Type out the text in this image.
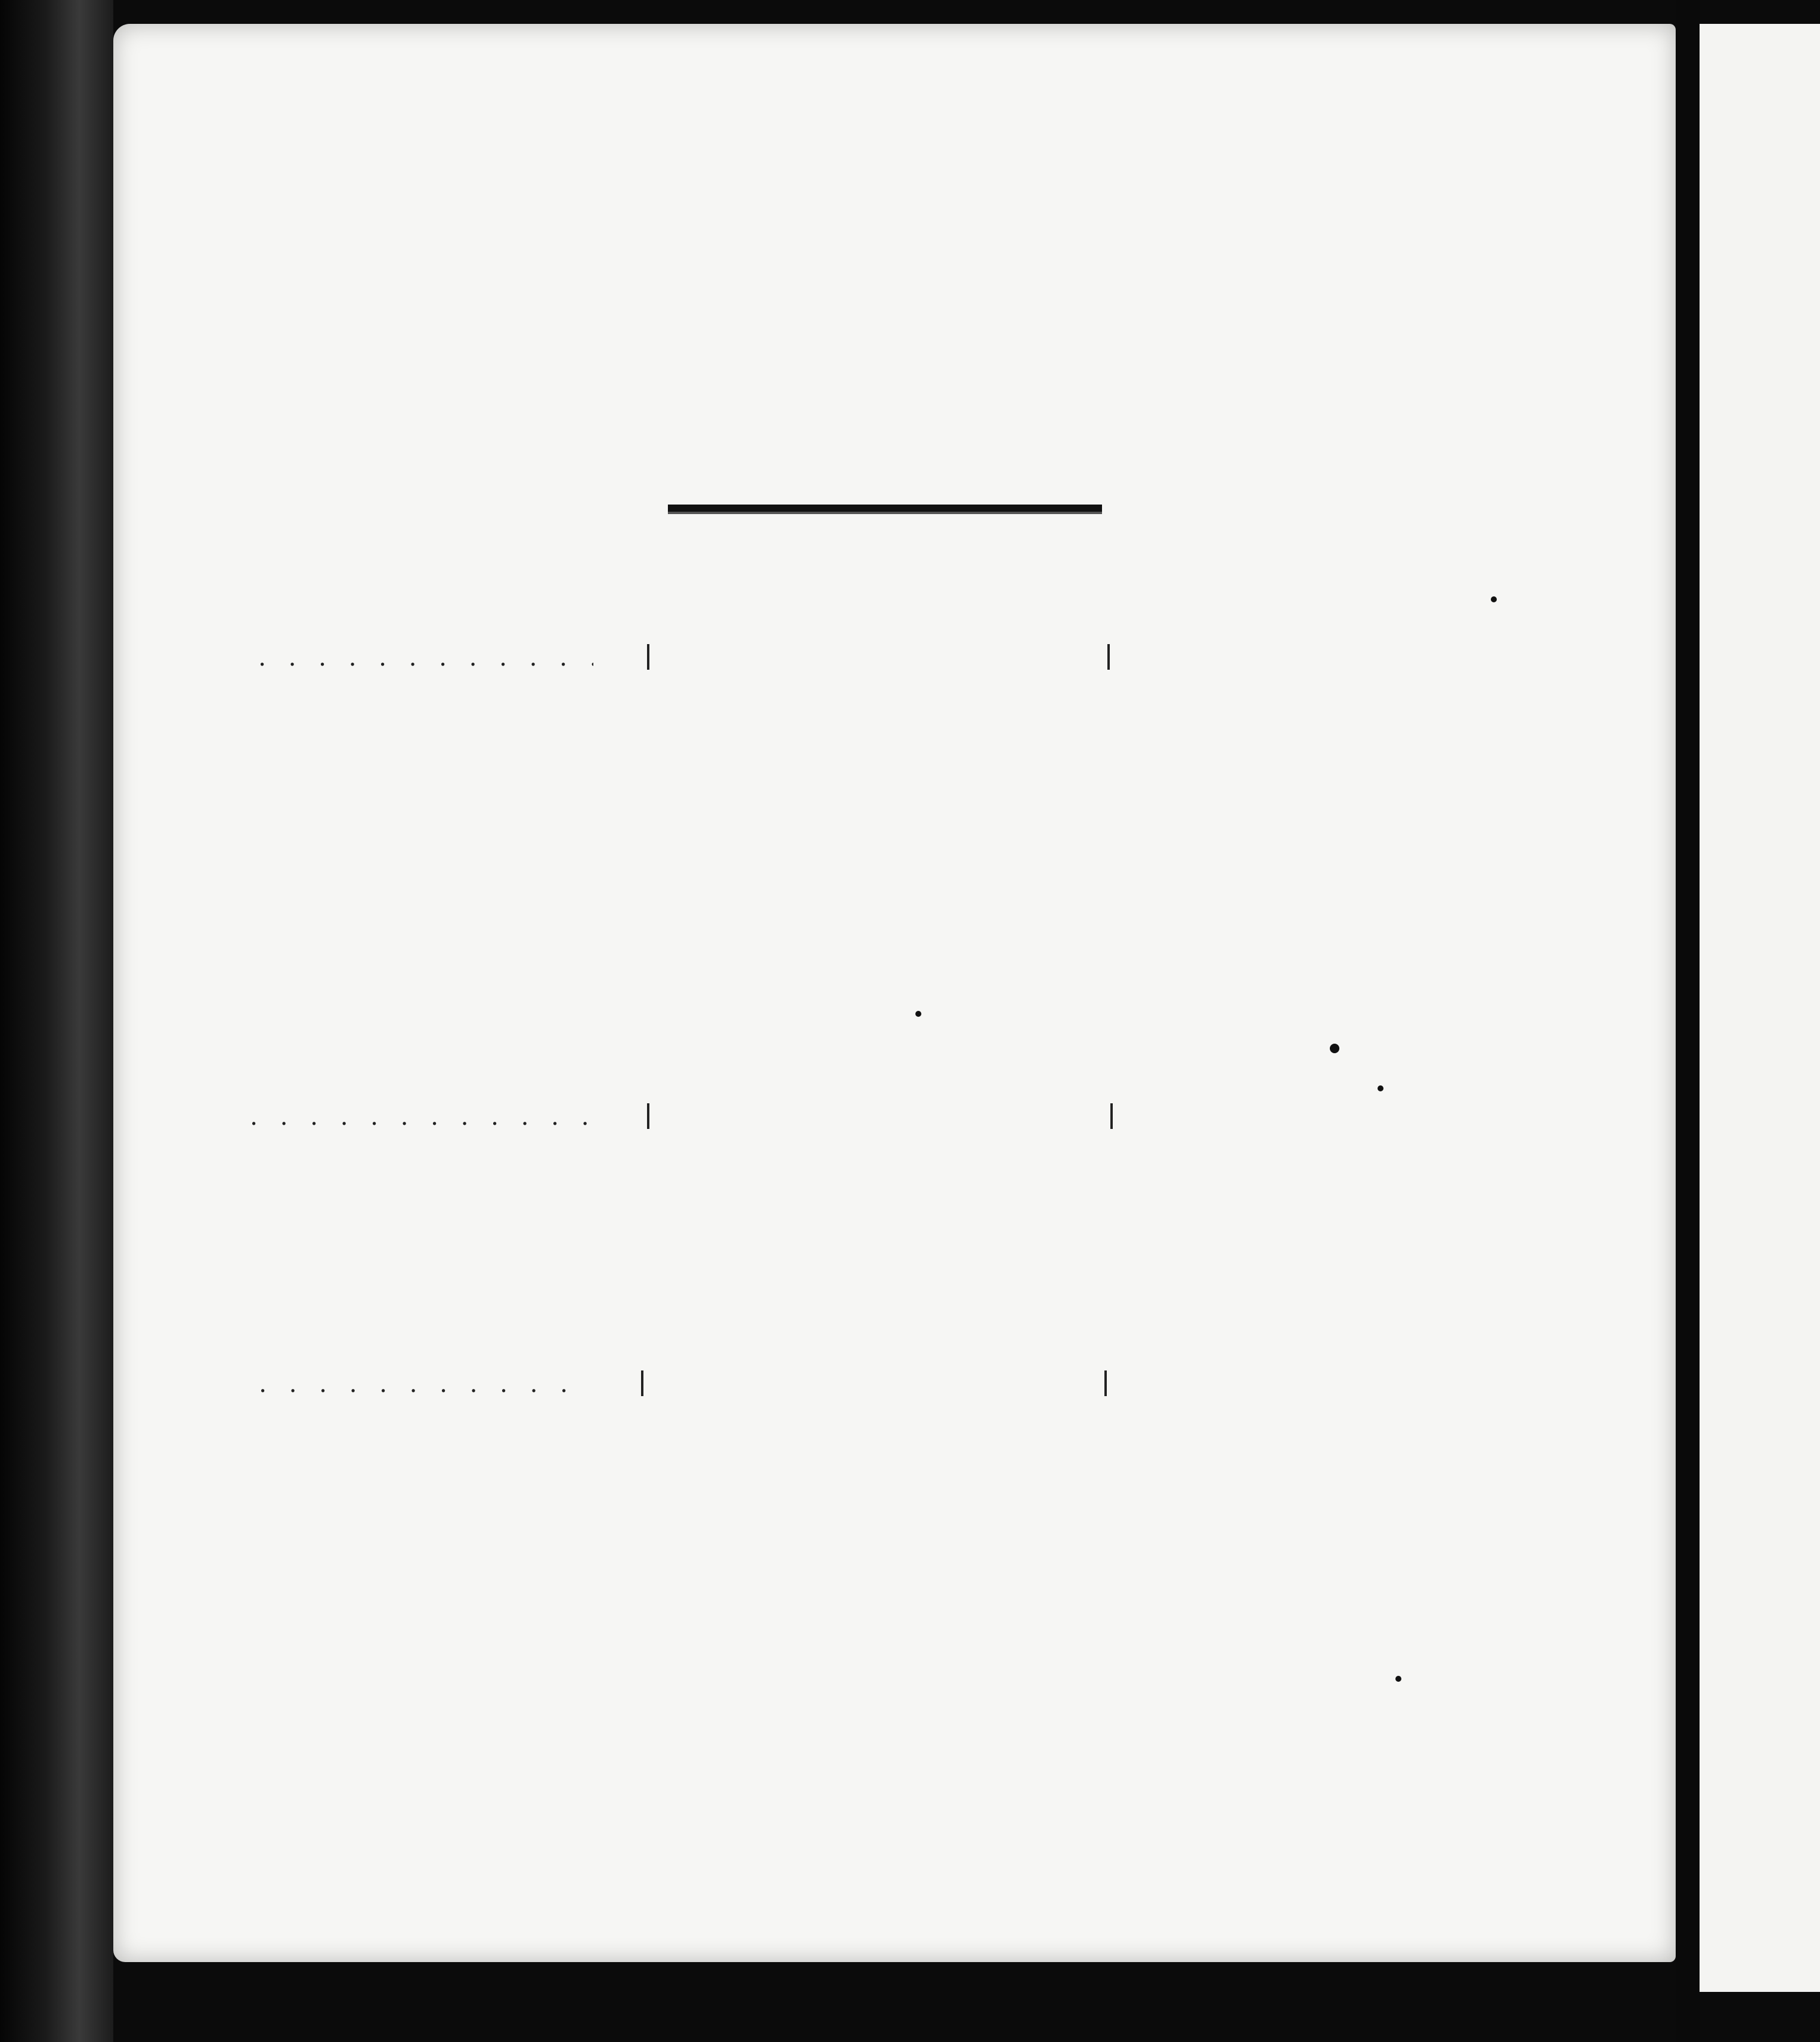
. . .
. . .
. . .
